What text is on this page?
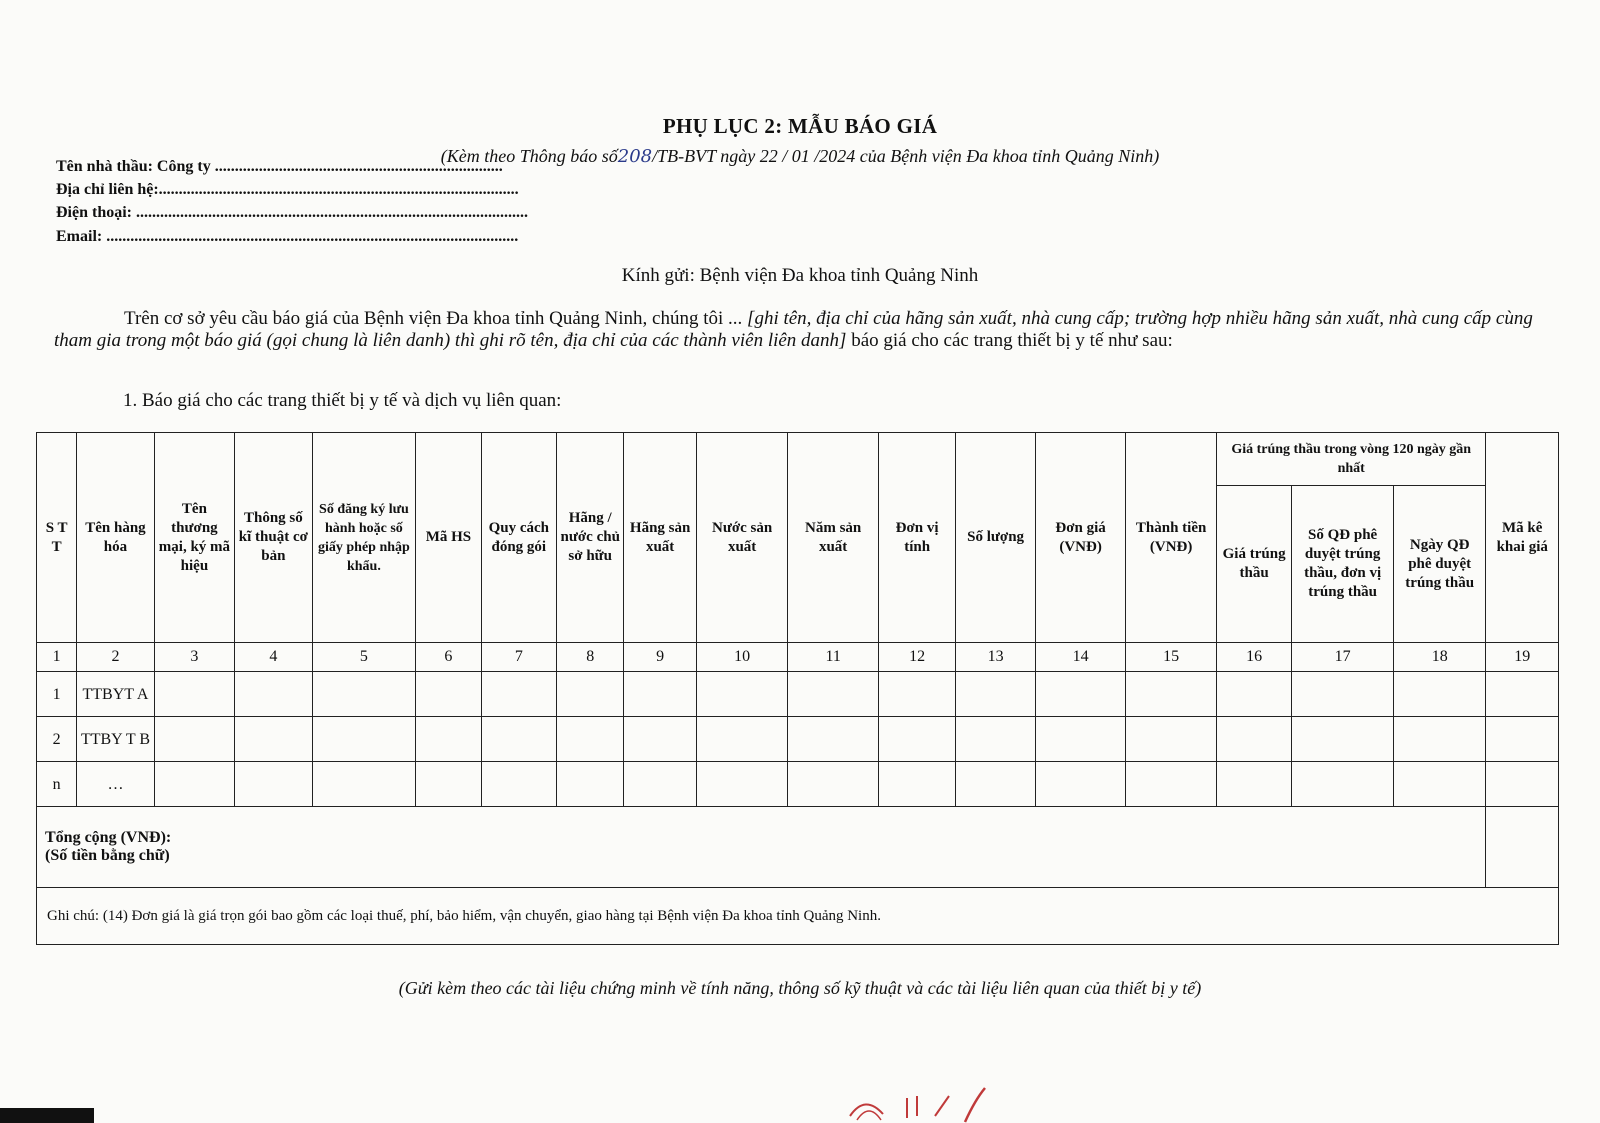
PHỤ LỤC 2: MẪU BÁO GIÁ
(Kèm theo Thông báo số208/TB-BVT ngày 22 / 01 /2024 của Bệnh viện Đa khoa tỉnh Quảng Ninh)
Tên nhà thầu: Công ty ........................................................................
Địa chỉ liên hệ:..........................................................................................
Điện thoại: ..................................................................................................
Email: .......................................................................................................
Kính gửi: Bệnh viện Đa khoa tỉnh Quảng Ninh
Trên cơ sở yêu cầu báo giá của Bệnh viện Đa khoa tỉnh Quảng Ninh, chúng tôi ... [ghi tên, địa chỉ của hãng sản xuất, nhà cung cấp; trường hợp nhiều hãng sản xuất, nhà cung cấp cùng tham gia trong một báo giá (gọi chung là liên danh) thì ghi rõ tên, địa chỉ của các thành viên liên danh] báo giá cho các trang thiết bị y tế như sau:
1. Báo giá cho các trang thiết bị y tế và dịch vụ liên quan:
S T T	Tên hàng hóa	Tên thương mại, ký mã hiệu	Thông số kĩ thuật cơ bản	Số đăng ký lưu hành hoặc số giấy phép nhập khẩu.	Mã HS	Quy cách đóng gói	Hãng / nước chủ sở hữu	Hãng sản xuất	Nước sản xuất	Năm sản xuất	Đơn vị tính	Số lượng	Đơn giá (VNĐ)	Thành tiền (VNĐ)	Giá trúng thầu trong vòng 120 ngày gần nhất			Mã kê khai giá
															Giá trúng thầu	Số QĐ phê duyệt trúng thầu, đơn vị trúng thầu	Ngày QĐ phê duyệt trúng thầu	
1	2	3	4	5	6	7	8	9	10	11	12	13	14	15	16	17	18	19
1	TTBYT A																	
2	TTBY T B																	
n	…																	

Tổng cộng (VNĐ):
(Số tiền bằng chữ)																		

Ghi chú: (14) Đơn giá là giá trọn gói bao gồm các loại thuế, phí, bảo hiểm, vận chuyển, giao hàng tại Bệnh viện Đa khoa tỉnh Quảng Ninh.																		
(Gửi kèm theo các tài liệu chứng minh về tính năng, thông số kỹ thuật và các tài liệu liên quan của thiết bị y tế)
